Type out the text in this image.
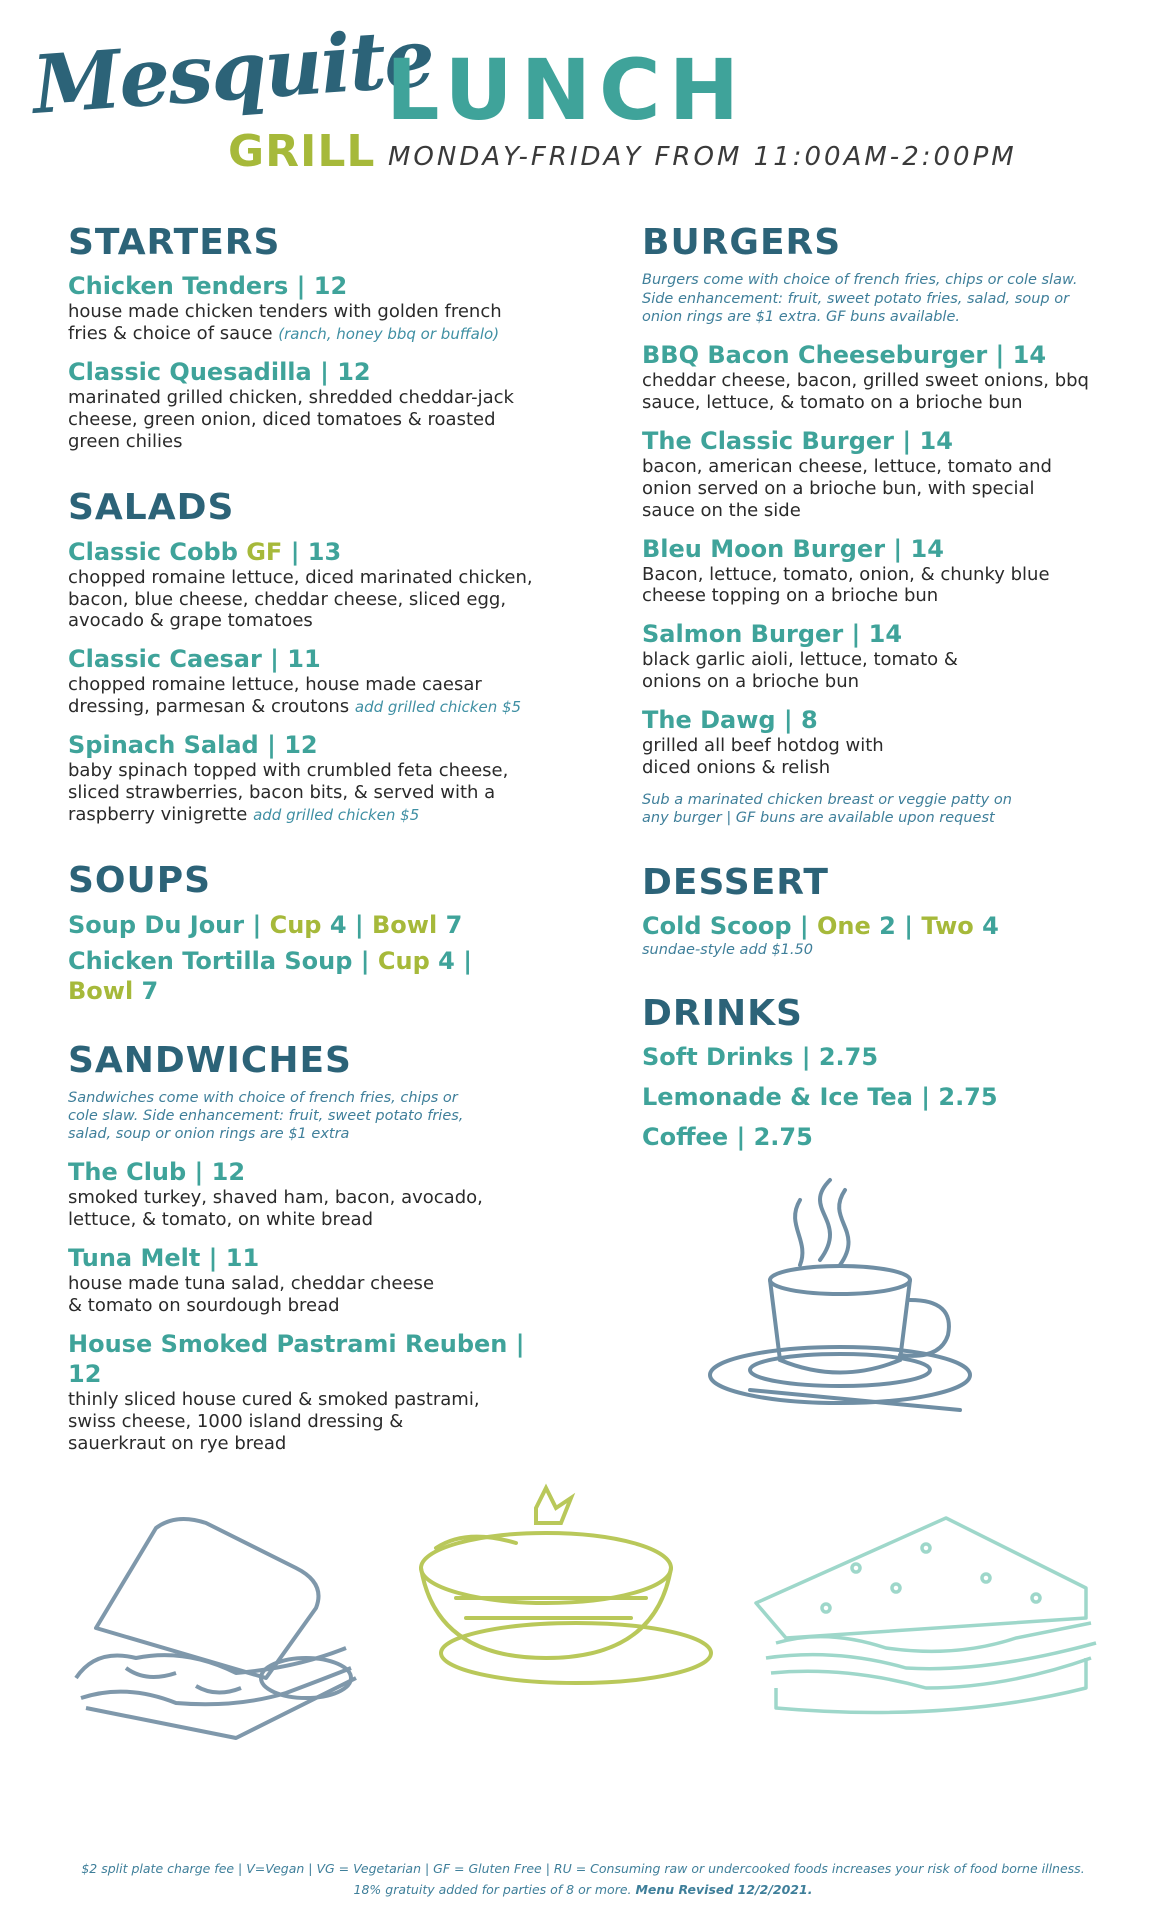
Mesquite
GRILL
LUNCH
MONDAY-FRIDAY FROM 11:00AM-2:00PM
STARTERS
Chicken Tenders | 12
house made chicken tenders with golden french fries & choice of sauce (ranch, honey bbq or buffalo)
Classic Quesadilla | 12
marinated grilled chicken, shredded cheddar-jack cheese, green onion, diced tomatoes & roasted green chilies
SALADS
Classic Cobb GF | 13
chopped romaine lettuce, diced marinated chicken, bacon, blue cheese, cheddar cheese, sliced egg, avocado & grape tomatoes
Classic Caesar | 11
chopped romaine lettuce, house made caesar dressing, parmesan & croutons add grilled chicken $5
Spinach Salad | 12
baby spinach topped with crumbled feta cheese, sliced strawberries, bacon bits, & served with a raspberry vinigrette add grilled chicken $5
SOUPS
Soup Du Jour | Cup 4 | Bowl 7
Chicken Tortilla Soup | Cup 4 | Bowl 7
SANDWICHES
Sandwiches come with choice of french fries, chips or cole slaw. Side enhancement: fruit, sweet potato fries, salad, soup or onion rings are $1 extra
The Club | 12
smoked turkey, shaved ham, bacon, avocado, lettuce, & tomato, on white bread
Tuna Melt | 11
house made tuna salad, cheddar cheese & tomato on sourdough bread
House Smoked Pastrami Reuben | 12
thinly sliced house cured & smoked pastrami, swiss cheese, 1000 island dressing & sauerkraut on rye bread
BURGERS
Burgers come with choice of french fries, chips or cole slaw. Side enhancement: fruit, sweet potato fries, salad, soup or onion rings are $1 extra. GF buns available.
BBQ Bacon Cheeseburger | 14
cheddar cheese, bacon, grilled sweet onions, bbq sauce, lettuce, & tomato on a brioche bun
The Classic Burger | 14
bacon, american cheese, lettuce, tomato and onion served on a brioche bun, with special sauce on the side
Bleu Moon Burger | 14
Bacon, lettuce, tomato, onion, & chunky blue cheese topping on a brioche bun
Salmon Burger | 14
black garlic aioli, lettuce, tomato & onions on a brioche bun
The Dawg | 8
grilled all beef hotdog with diced onions & relish
Sub a marinated chicken breast or veggie patty on any burger | GF buns are available upon request
DESSERT
Cold Scoop | One 2 | Two 4
sundae-style add $1.50
DRINKS
Soft Drinks | 2.75
Lemonade & Ice Tea | 2.75
Coffee | 2.75
$2 split plate charge fee | V=Vegan | VG = Vegetarian | GF = Gluten Free | RU = Consuming raw or undercooked foods increases your risk of food borne illness.
18% gratuity added for parties of 8 or more. Menu Revised 12/2/2021.
